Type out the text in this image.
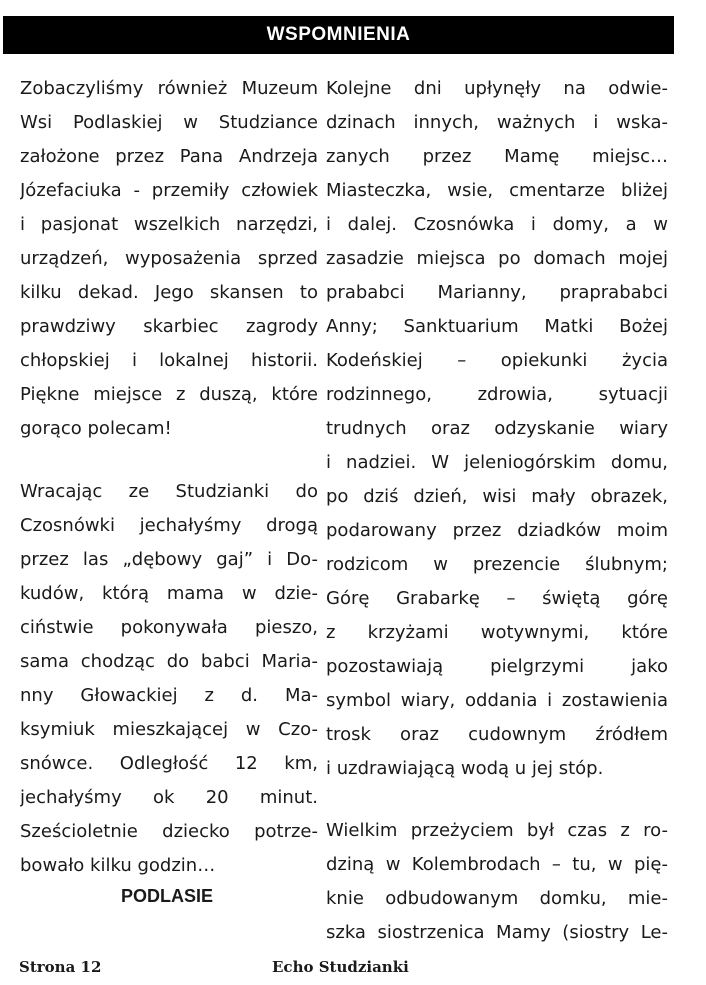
WSPOMNIENIA
Zobaczyliśmy również Muzeum
Wsi Podlaskiej w Studziance
założone przez Pana Andrzeja
Józefaciuka - przemiły człowiek
i pasjonat wszelkich narzędzi,
urządzeń, wyposażenia sprzed
kilku dekad. Jego skansen to
prawdziwy skarbiec zagrody
chłopskiej i lokalnej historii.
Piękne miejsce z duszą, które
gorąco polecam!
Wracając ze Studzianki do
Czosnówki jechałyśmy drogą
przez las „dębowy gaj” i Do-
kudów, którą mama w dzie-
ciństwie pokonywała pieszo,
sama chodząc do babci Maria-
nny Głowackiej z d. Ma-
ksymiuk mieszkającej w Czo-
snówce. Odległość 12 km,
jechałyśmy ok 20 minut.
Sześcioletnie dziecko potrze-
bowało kilku godzin…
PODLASIE
Kolejne dni upłynęły na odwie-
dzinach innych, ważnych i wska-
zanych przez Mamę miejsc…
Miasteczka, wsie, cmentarze bliżej
i dalej. Czosnówka i domy, a w
zasadzie miejsca po domach mojej
prababci Marianny, praprababci
Anny; Sanktuarium Matki Bożej
Kodeńskiej – opiekunki życia
rodzinnego, zdrowia, sytuacji
trudnych oraz odzyskanie wiary
i nadziei. W jeleniogórskim domu,
po dziś dzień, wisi mały obrazek,
podarowany przez dziadków moim
rodzicom w prezencie ślubnym;
Górę Grabarkę – świętą górę
z krzyżami wotywnymi, które
pozostawiają pielgrzymi jako
symbol wiary, oddania i zostawienia
trosk oraz cudownym źródłem
i uzdrawiającą wodą u jej stóp.
Wielkim przeżyciem był czas z ro-
dziną w Kolembrodach – tu, w pię-
knie odbudowanym domku, mie-
szka siostrzenica Mamy (siostry Le-
Strona 12	Echo Studzianki
